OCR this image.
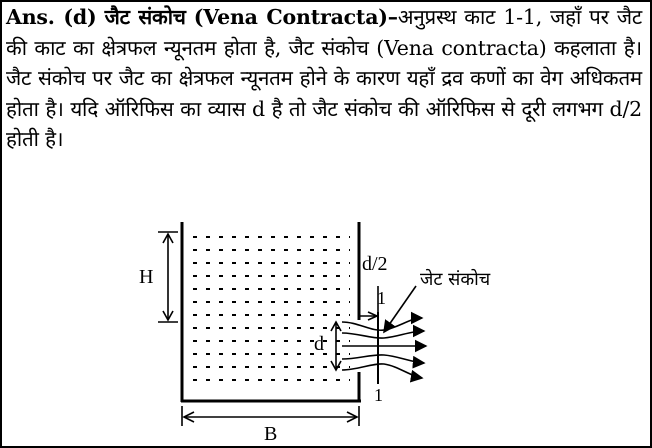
Ans. (d) जैट संकोच (Vena Contracta)–अनुप्रस्थ काट 1-1, जहाँ पर जैट की काट का क्षेत्रफल न्यूनतम होता है, जैट संकोच (Vena contracta) कहलाता है। जैट संकोच पर जैट का क्षेत्रफल न्यूनतम होने के कारण यहाँ द्रव कणों का वेग अधिकतम होता है। यदि ऑरिफिस का व्यास d है तो जैट संकोच की ऑरिफिस से दूरी लगभग d/2 होती है।
H
B
d
1
1
d/2
जेट संकोच
